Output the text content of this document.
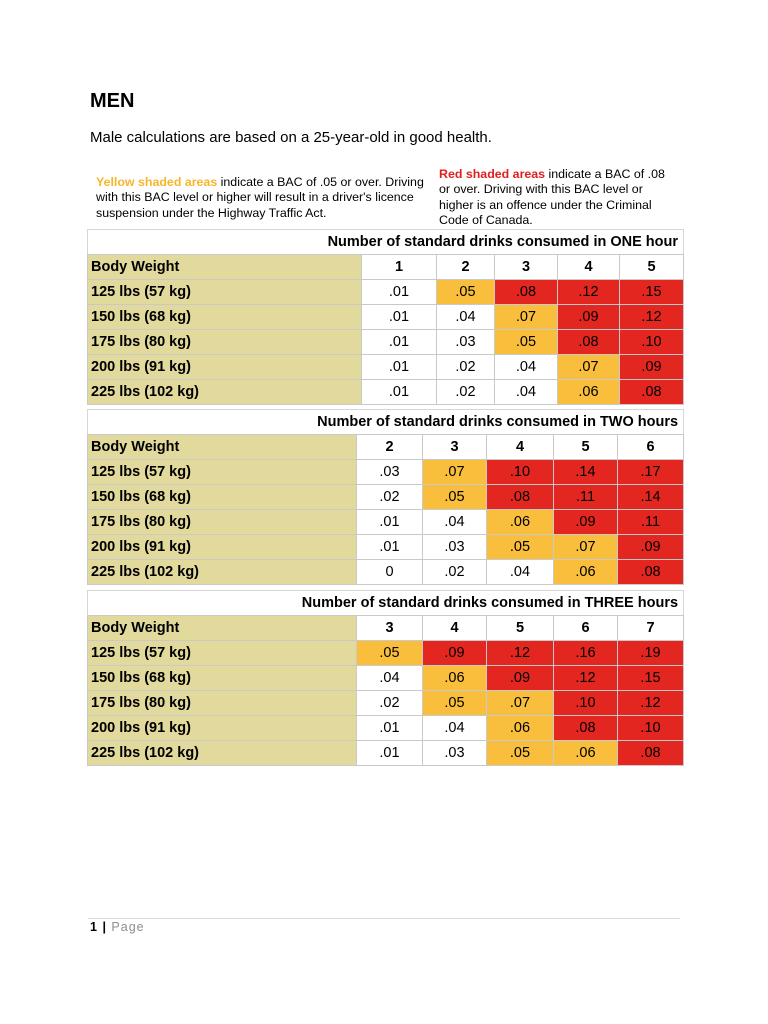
MEN

Male calculations are based on a 25-year-old in good health.

Yellow shaded areas indicate a BAC of .05 or over. Driving with this BAC level or higher will result in a driver's licence suspension under the Highway Traffic Act.
Red shaded areas indicate a BAC of .08 or over. Driving with this BAC level or higher is an offence under the Criminal Code of Canada.
Number of standard drinks consumed in ONE hour					
Body Weight	1	2	3	4	5
125 lbs (57 kg)	.01	.05	.08	.12	.15
150 lbs (68 kg)	.01	.04	.07	.09	.12
175 lbs (80 kg)	.01	.03	.05	.08	.10
200 lbs (91 kg)	.01	.02	.04	.07	.09
225 lbs (102 kg)	.01	.02	.04	.06	.08
Number of standard drinks consumed in TWO hours					
Body Weight	2	3	4	5	6
125 lbs (57 kg)	.03	.07	.10	.14	.17
150 lbs (68 kg)	.02	.05	.08	.11	.14
175 lbs (80 kg)	.01	.04	.06	.09	.11
200 lbs (91 kg)	.01	.03	.05	.07	.09
225 lbs (102 kg)	0	.02	.04	.06	.08
Number of standard drinks consumed in THREE hours					
Body Weight	3	4	5	6	7
125 lbs (57 kg)	.05	.09	.12	.16	.19
150 lbs (68 kg)	.04	.06	.09	.12	.15
175 lbs (80 kg)	.02	.05	.07	.10	.12
200 lbs (91 kg)	.01	.04	.06	.08	.10
225 lbs (102 kg)	.01	.03	.05	.06	.08
1 | Page
